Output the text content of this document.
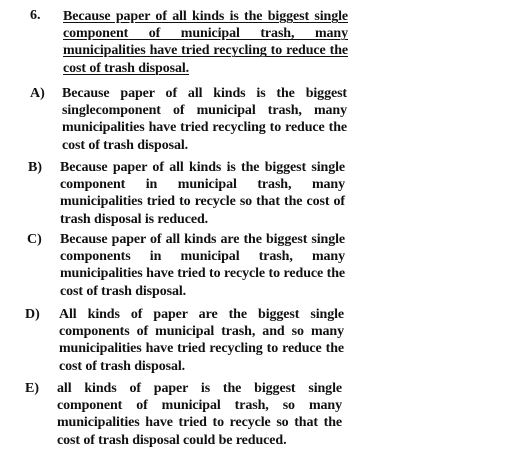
6. Because paper of all kinds is the biggest single component of municipal trash, many municipalities have tried recycling to reduce the cost of trash disposal.
A) Because paper of all kinds is the biggest singlecomponent of municipal trash, many municipalities have tried recycling to reduce the cost of trash disposal.
B) Because paper of all kinds is the biggest single component in municipal trash, many municipalities tried to recycle so that the cost of trash disposal is reduced.
C) Because paper of all kinds are the biggest single components in municipal trash, many municipalities have tried to recycle to reduce the cost of trash disposal.
D) All kinds of paper are the biggest single components of municipal trash, and so many municipalities have tried recycling to reduce the cost of trash disposal.
E) all kinds of paper is the biggest single component of municipal trash, so many municipalities have tried to recycle so that the cost of trash disposal could be reduced.
